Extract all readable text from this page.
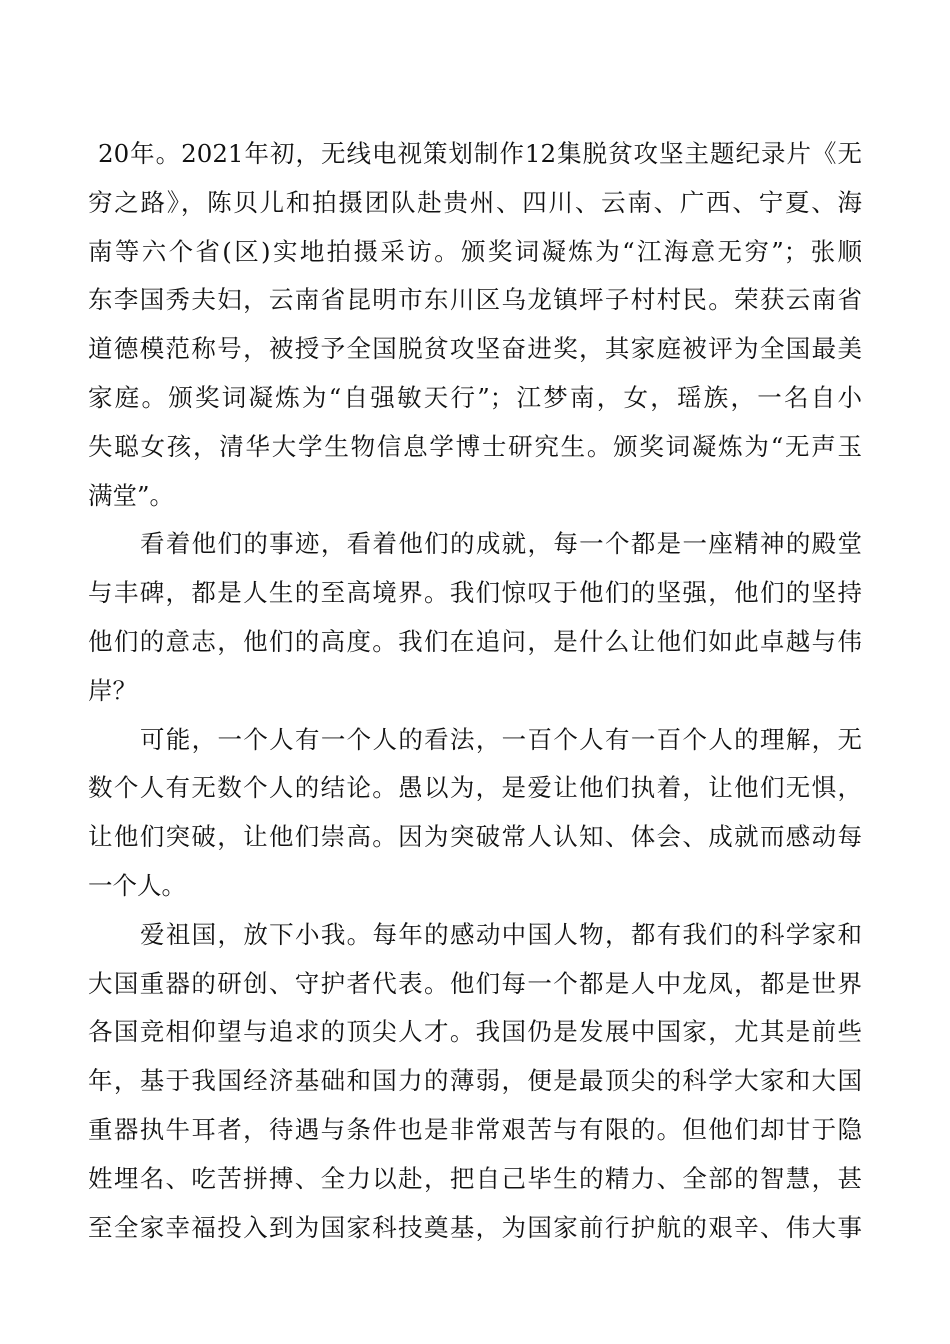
20年。2021年初，无线电视策划制作12集脱贫攻坚主题纪录片《无
穷之路》，陈贝儿和拍摄团队赴贵州、四川、云南、广西、宁夏、海
南等六个省(区)实地拍摄采访。颁奖词凝炼为“江海意无穷”；张顺
东李国秀夫妇，云南省昆明市东川区乌龙镇坪子村村民。荣获云南省
道德模范称号，被授予全国脱贫攻坚奋进奖，其家庭被评为全国最美
家庭。颁奖词凝炼为“自强敏天行”；江梦南，女，瑶族，一名自小
失聪女孩，清华大学生物信息学博士研究生。颁奖词凝炼为“无声玉
满堂”。
看着他们的事迹，看着他们的成就，每一个都是一座精神的殿堂
与丰碑，都是人生的至高境界。我们惊叹于他们的坚强，他们的坚持
他们的意志，他们的高度。我们在追问，是什么让他们如此卓越与伟
岸？
可能，一个人有一个人的看法，一百个人有一百个人的理解，无
数个人有无数个人的结论。愚以为，是爱让他们执着，让他们无惧，
让他们突破，让他们崇高。因为突破常人认知、体会、成就而感动每
一个人。
爱祖国，放下小我。每年的感动中国人物，都有我们的科学家和
大国重器的研创、守护者代表。他们每一个都是人中龙凤，都是世界
各国竞相仰望与追求的顶尖人才。我国仍是发展中国家，尤其是前些
年，基于我国经济基础和国力的薄弱，便是最顶尖的科学大家和大国
重器执牛耳者，待遇与条件也是非常艰苦与有限的。但他们却甘于隐
姓埋名、吃苦拼搏、全力以赴，把自己毕生的精力、全部的智慧，甚
至全家幸福投入到为国家科技奠基，为国家前行护航的艰辛、伟大事
